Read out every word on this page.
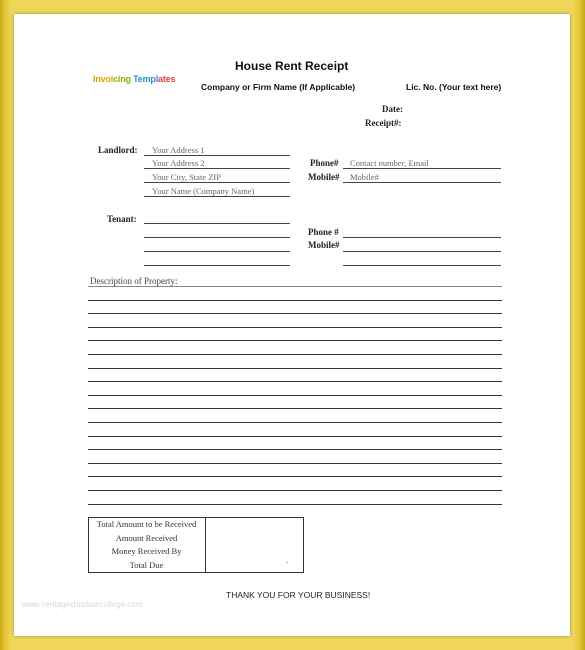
Invoicing Templates
House Rent Receipt
Company or Firm Name (If Applicable)	Lic. No. (Your text here)
Date:
Receipt#:
Landlord: Your Address 1
Your Address 2
Your City, State ZIP
Your Name (Company Name)
Phone# Contact number, Email
Mobile# Mobile#
Tenant:
Phone #
Mobile#
Description of Property:
Total Amount to be Received
Amount Received
Money Received By
Total Due	-
THANK YOU FOR YOUR BUSINESS!
www.heritagechristiancollege.com
